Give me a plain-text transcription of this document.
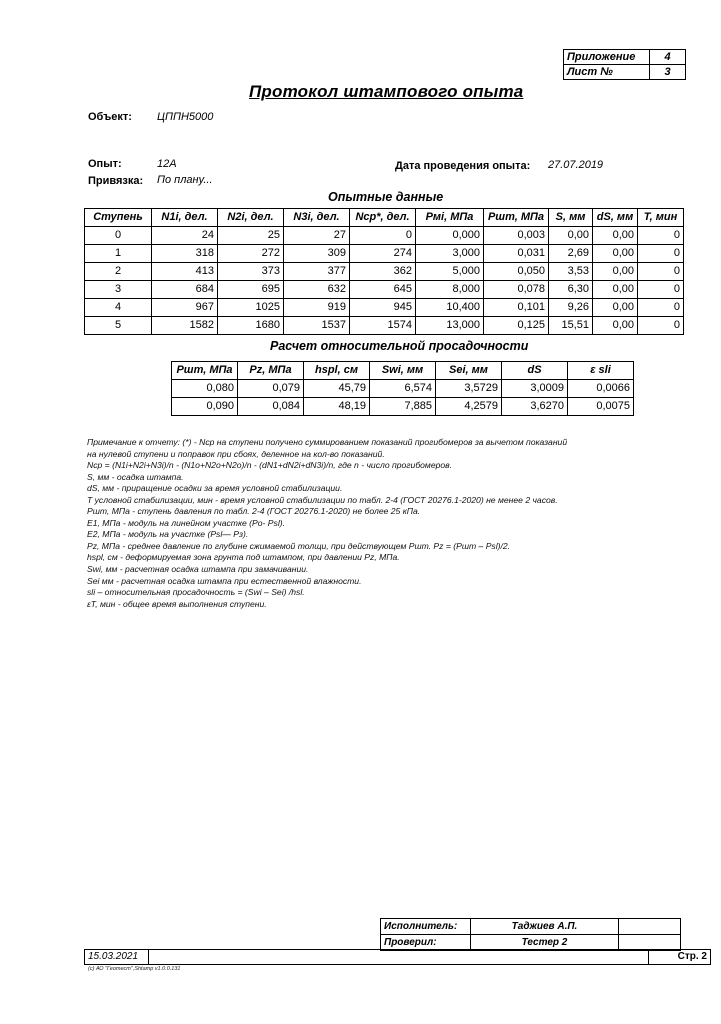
Приложение	4
Лист №	3
Протокол штампового опыта
Объект: ЦППН5000
Опыт:	12А
Привязка: По плану...
Дата проведения опыта: 27.07.2019
Опытные данные
Ступень	N1i, дел.	N2i, дел.	N3i, дел.	Ncp*, дел.	Pмi, МПа	Pшт, МПа	S, мм	dS, мм	T, мин
0	24	25	27	0	0,000	0,003	0,00	0,00	0
1	318	272	309	274	3,000	0,031	2,69	0,00	0
2	413	373	377	362	5,000	0,050	3,53	0,00	0
3	684	695	632	645	8,000	0,078	6,30	0,00	0
4	967	1025	919	945	10,400	0,101	9,26	0,00	0
5	1582	1680	1537	1574	13,000	0,125	15,51	0,00	0
Расчет относительной просадочности
Pшт, МПа	Pz, МПа	hspl, см	Swi, мм	Sei, мм	dS	ε sli
0,080	0,079	45,79	6,574	3,5729	3,0009	0,0066
0,090	0,084	48,19	7,885	4,2579	3,6270	0,0075
Примечание к отчету: (*) - Ncp на ступени получено суммированием показаний прогибомеров за вычетом показаний
на нулевой ступени и поправок при сбоях, деленное на кол-во показаний.
Ncp = (N1i+N2i+N3i)/n - (N1o+N2o+N2o)/n - (dN1+dN2i+dN3i)/n, где n - число прогибомеров.
S, мм - осадка штампа.
dS, мм - приращение осадки за время условной стабилизации.
T условной стабилизации, мин - время условной стабилизации по табл. 2-4 (ГОСТ 20276.1-2020) не менее 2 часов.
Pшт, МПа - ступень давления по табл. 2-4 (ГОСТ 20276.1-2020) не более 25 кПа.
E1, МПа - модуль на линейном участке (Po- Psl).
E2, МПа - модуль на участке (Psl— Pз).
Pz, МПа - среднее давление по глубине сжимаемой толщи, при действующем Pшт. Pz = (Pшт – Psl)/2.
hspl, см - деформируемая зона грунта под штампом, при давлении Pz, МПа.
Swi, мм - расчетная осадка штампа при замачивании.
Sei мм - расчетная осадка штампа при естественной влажности.
sli – относительная просадочность = (Swi – Sei) /hsl.
ɛT, мин - общее время выполнения ступени.
Исполнитель:	Таджиев А.П.	
Проверил:	Тестер 2	
15.03.2021		Стр. 2
(c) АО "Геотест",Shtamp v1.0.0.131
